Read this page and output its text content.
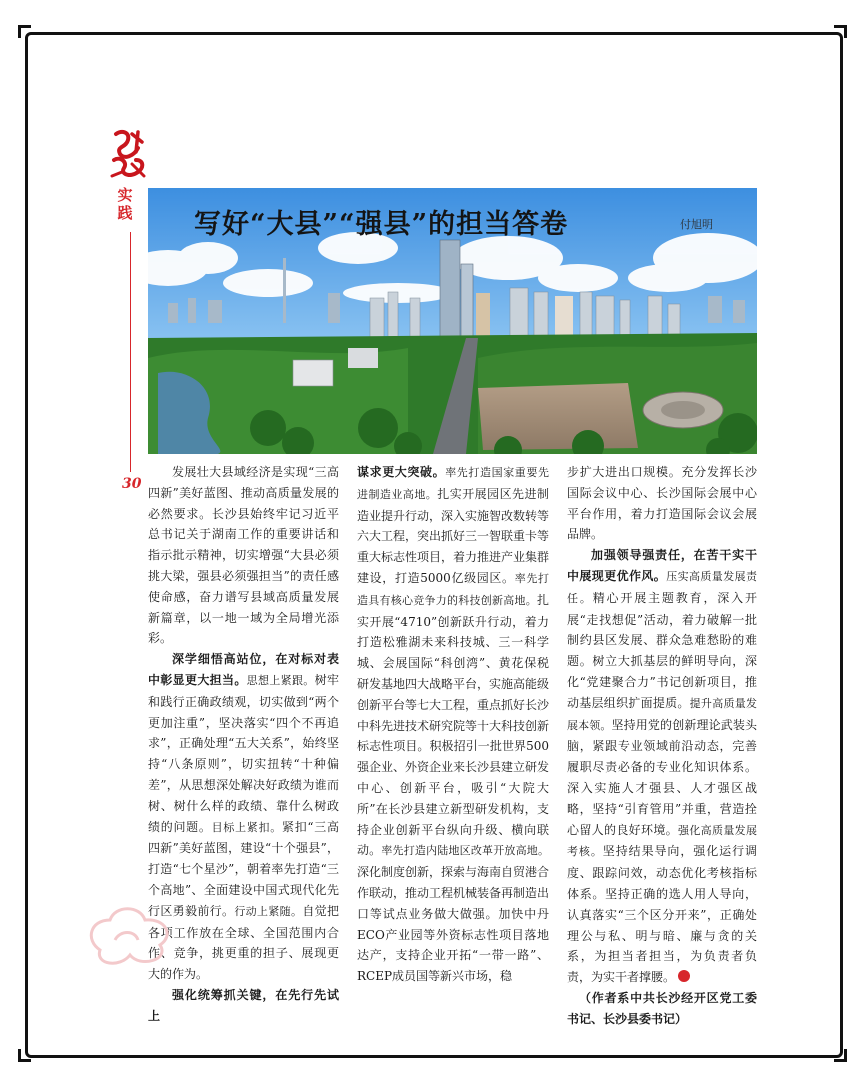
实践
30
写好“大县”“强县”的担当答卷	付旭明

发展壮大县域经济是实现“三高四新”美好蓝图、推动高质量发展的必然要求。长沙县始终牢记习近平总书记关于湖南工作的重要讲话和指示批示精神，切实增强“大县必须挑大梁，强县必须强担当”的责任感使命感，奋力谱写县域高质量发展新篇章，以一地一域为全局增光添彩。

深学细悟高站位，在对标对表中彰显更大担当。思想上紧跟。树牢和践行正确政绩观，切实做到“两个更加注重”，坚决落实“四个不再追求”，正确处理“五大关系”，始终坚持“八条原则”，切实扭转“十种偏差”，从思想深处解决好政绩为谁而树、树什么样的政绩、靠什么树政绩的问题。目标上紧扣。紧扣“三高四新”美好蓝图，建设“十个强县”，打造“七个星沙”，朝着率先打造“三个高地”、全面建设中国式现代化先行区勇毅前行。行动上紧随。自觉把各项工作放在全球、全国范围内合作、竞争，挑更重的担子、展现更大的作为。

强化统筹抓关键，在先行先试上

谋求更大突破。率先打造国家重要先进制造业高地。扎实开展园区先进制造业提升行动，深入实施智改数转等六大工程，突出抓好三一智联重卡等重大标志性项目，着力推进产业集群建设，打造5000亿级园区。率先打造具有核心竞争力的科技创新高地。扎实开展“4710”创新跃升行动，着力打造松雅湖未来科技城、三一科学城、会展国际“科创湾”、黄花保税研发基地四大战略平台，实施高能级创新平台等七大工程，重点抓好长沙中科先进技术研究院等十大科技创新标志性项目。积极招引一批世界500强企业、外资企业来长沙县建立研发中心、创新平台，吸引“大院大所”在长沙县建立新型研发机构，支持企业创新平台纵向升级、横向联动。率先打造内陆地区改革开放高地。深化制度创新，探索与海南自贸港合作联动，推动工程机械装备再制造出口等试点业务做大做强。加快中丹ECO产业园等外资标志性项目落地达产，支持企业开拓“一带一路”、RCEP成员国等新兴市场，稳

步扩大进出口规模。充分发挥长沙国际会议中心、长沙国际会展中心平台作用，着力打造国际会议会展品牌。

加强领导强责任，在苦干实干中展现更优作风。压实高质量发展责任。精心开展主题教育，深入开展“走找想促”活动，着力破解一批制约县区发展、群众急难愁盼的难题。树立大抓基层的鲜明导向，深化“党建聚合力”书记创新项目，推动基层组织扩面提质。提升高质量发展本领。坚持用党的创新理论武装头脑，紧跟专业领域前沿动态，完善履职尽责必备的专业化知识体系。深入实施人才强县、人才强区战略，坚持“引育管用”并重，营造拴心留人的良好环境。强化高质量发展考核。坚持结果导向，强化运行调度、跟踪问效，动态优化考核指标体系。坚持正确的选人用人导向，认真落实“三个区分开来”，正确处理公与私、明与暗、廉与贪的关系，为担当者担当，为负责者负责，为实干者撑腰。

（作者系中共长沙经开区党工委书记、长沙县委书记）
